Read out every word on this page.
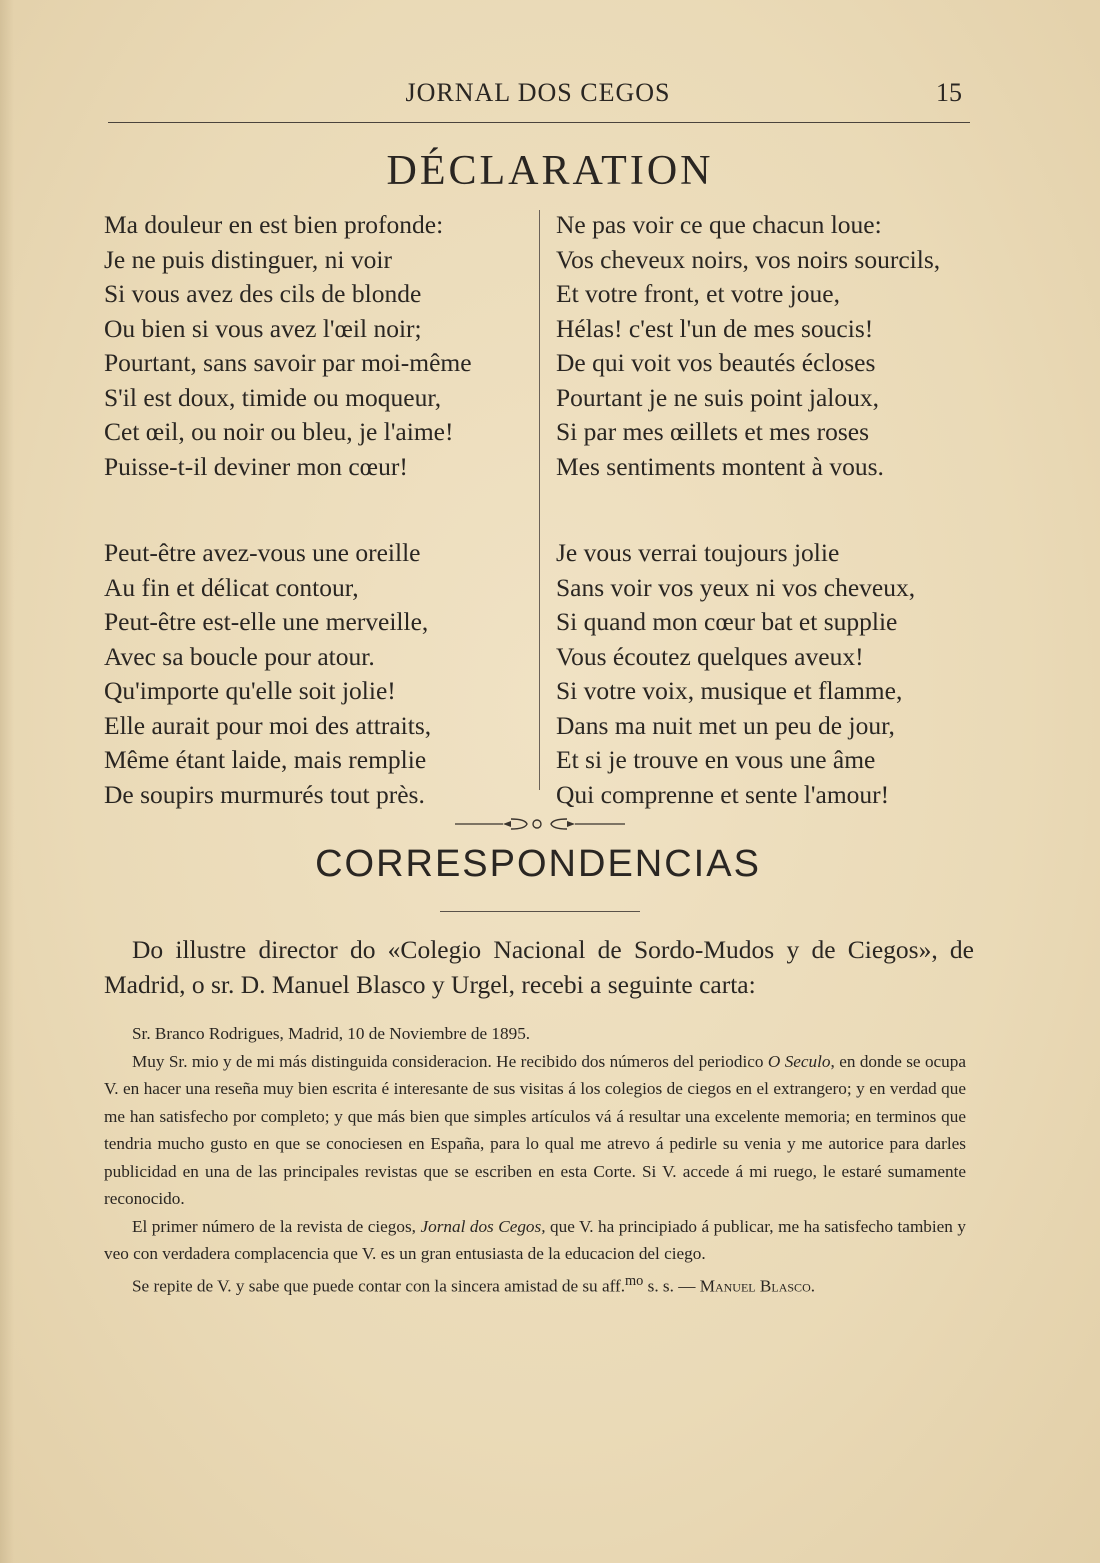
JORNAL DOS CEGOS	15
DÉCLARATION
Ma douleur en est bien profonde:
Je ne puis distinguer, ni voir
Si vous avez des cils de blonde
Ou bien si vous avez l'œil noir;
Pourtant, sans savoir par moi-même
S'il est doux, timide ou moqueur,
Cet œil, ou noir ou bleu, je l'aime!
Puisse-t-il deviner mon cœur!
Peut-être avez-vous une oreille
Au fin et délicat contour,
Peut-être est-elle une merveille,
Avec sa boucle pour atour.
Qu'importe qu'elle soit jolie!
Elle aurait pour moi des attraits,
Même étant laide, mais remplie
De soupirs murmurés tout près.
Ne pas voir ce que chacun loue:
Vos cheveux noirs, vos noirs sourcils,
Et votre front, et votre joue,
Hélas! c'est l'un de mes soucis!
De qui voit vos beautés écloses
Pourtant je ne suis point jaloux,
Si par mes œillets et mes roses
Mes sentiments montent à vous.
Je vous verrai toujours jolie
Sans voir vos yeux ni vos cheveux,
Si quand mon cœur bat et supplie
Vous écoutez quelques aveux!
Si votre voix, musique et flamme,
Dans ma nuit met un peu de jour,
Et si je trouve en vous une âme
Qui comprenne et sente l'amour!
CORRESPONDENCIAS
Do illustre director do «Colegio Nacional de Sordo-Mudos y de Ciegos», de Madrid, o sr. D. Manuel Blasco y Urgel, recebi a seguinte carta:

Sr. Branco Rodrigues, Madrid, 10 de Noviembre de 1895.

Muy Sr. mio y de mi más distinguida consideracion. He recibido dos números del periodico O Seculo, en donde se ocupa V. en hacer una reseña muy bien escrita é interesante de sus visitas á los colegios de ciegos en el extrangero; y en verdad que me han satisfecho por completo; y que más bien que simples artículos vá á resultar una excelente memoria; en terminos que tendria mucho gusto en que se conociesen en España, para lo qual me atrevo á pedirle su venia y me autorice para darles publicidad en una de las principales revistas que se escriben en esta Corte. Si V. accede á mi ruego, le estaré sumamente reconocido.

El primer número de la revista de ciegos, Jornal dos Cegos, que V. ha principiado á publicar, me ha satisfecho tambien y veo con verdadera complacencia que V. es un gran entusiasta de la educacion del ciego.

Se repite de V. y sabe que puede contar con la sincera amistad de su aff.$^{mo}$ s. s. — Manuel Blasco.
